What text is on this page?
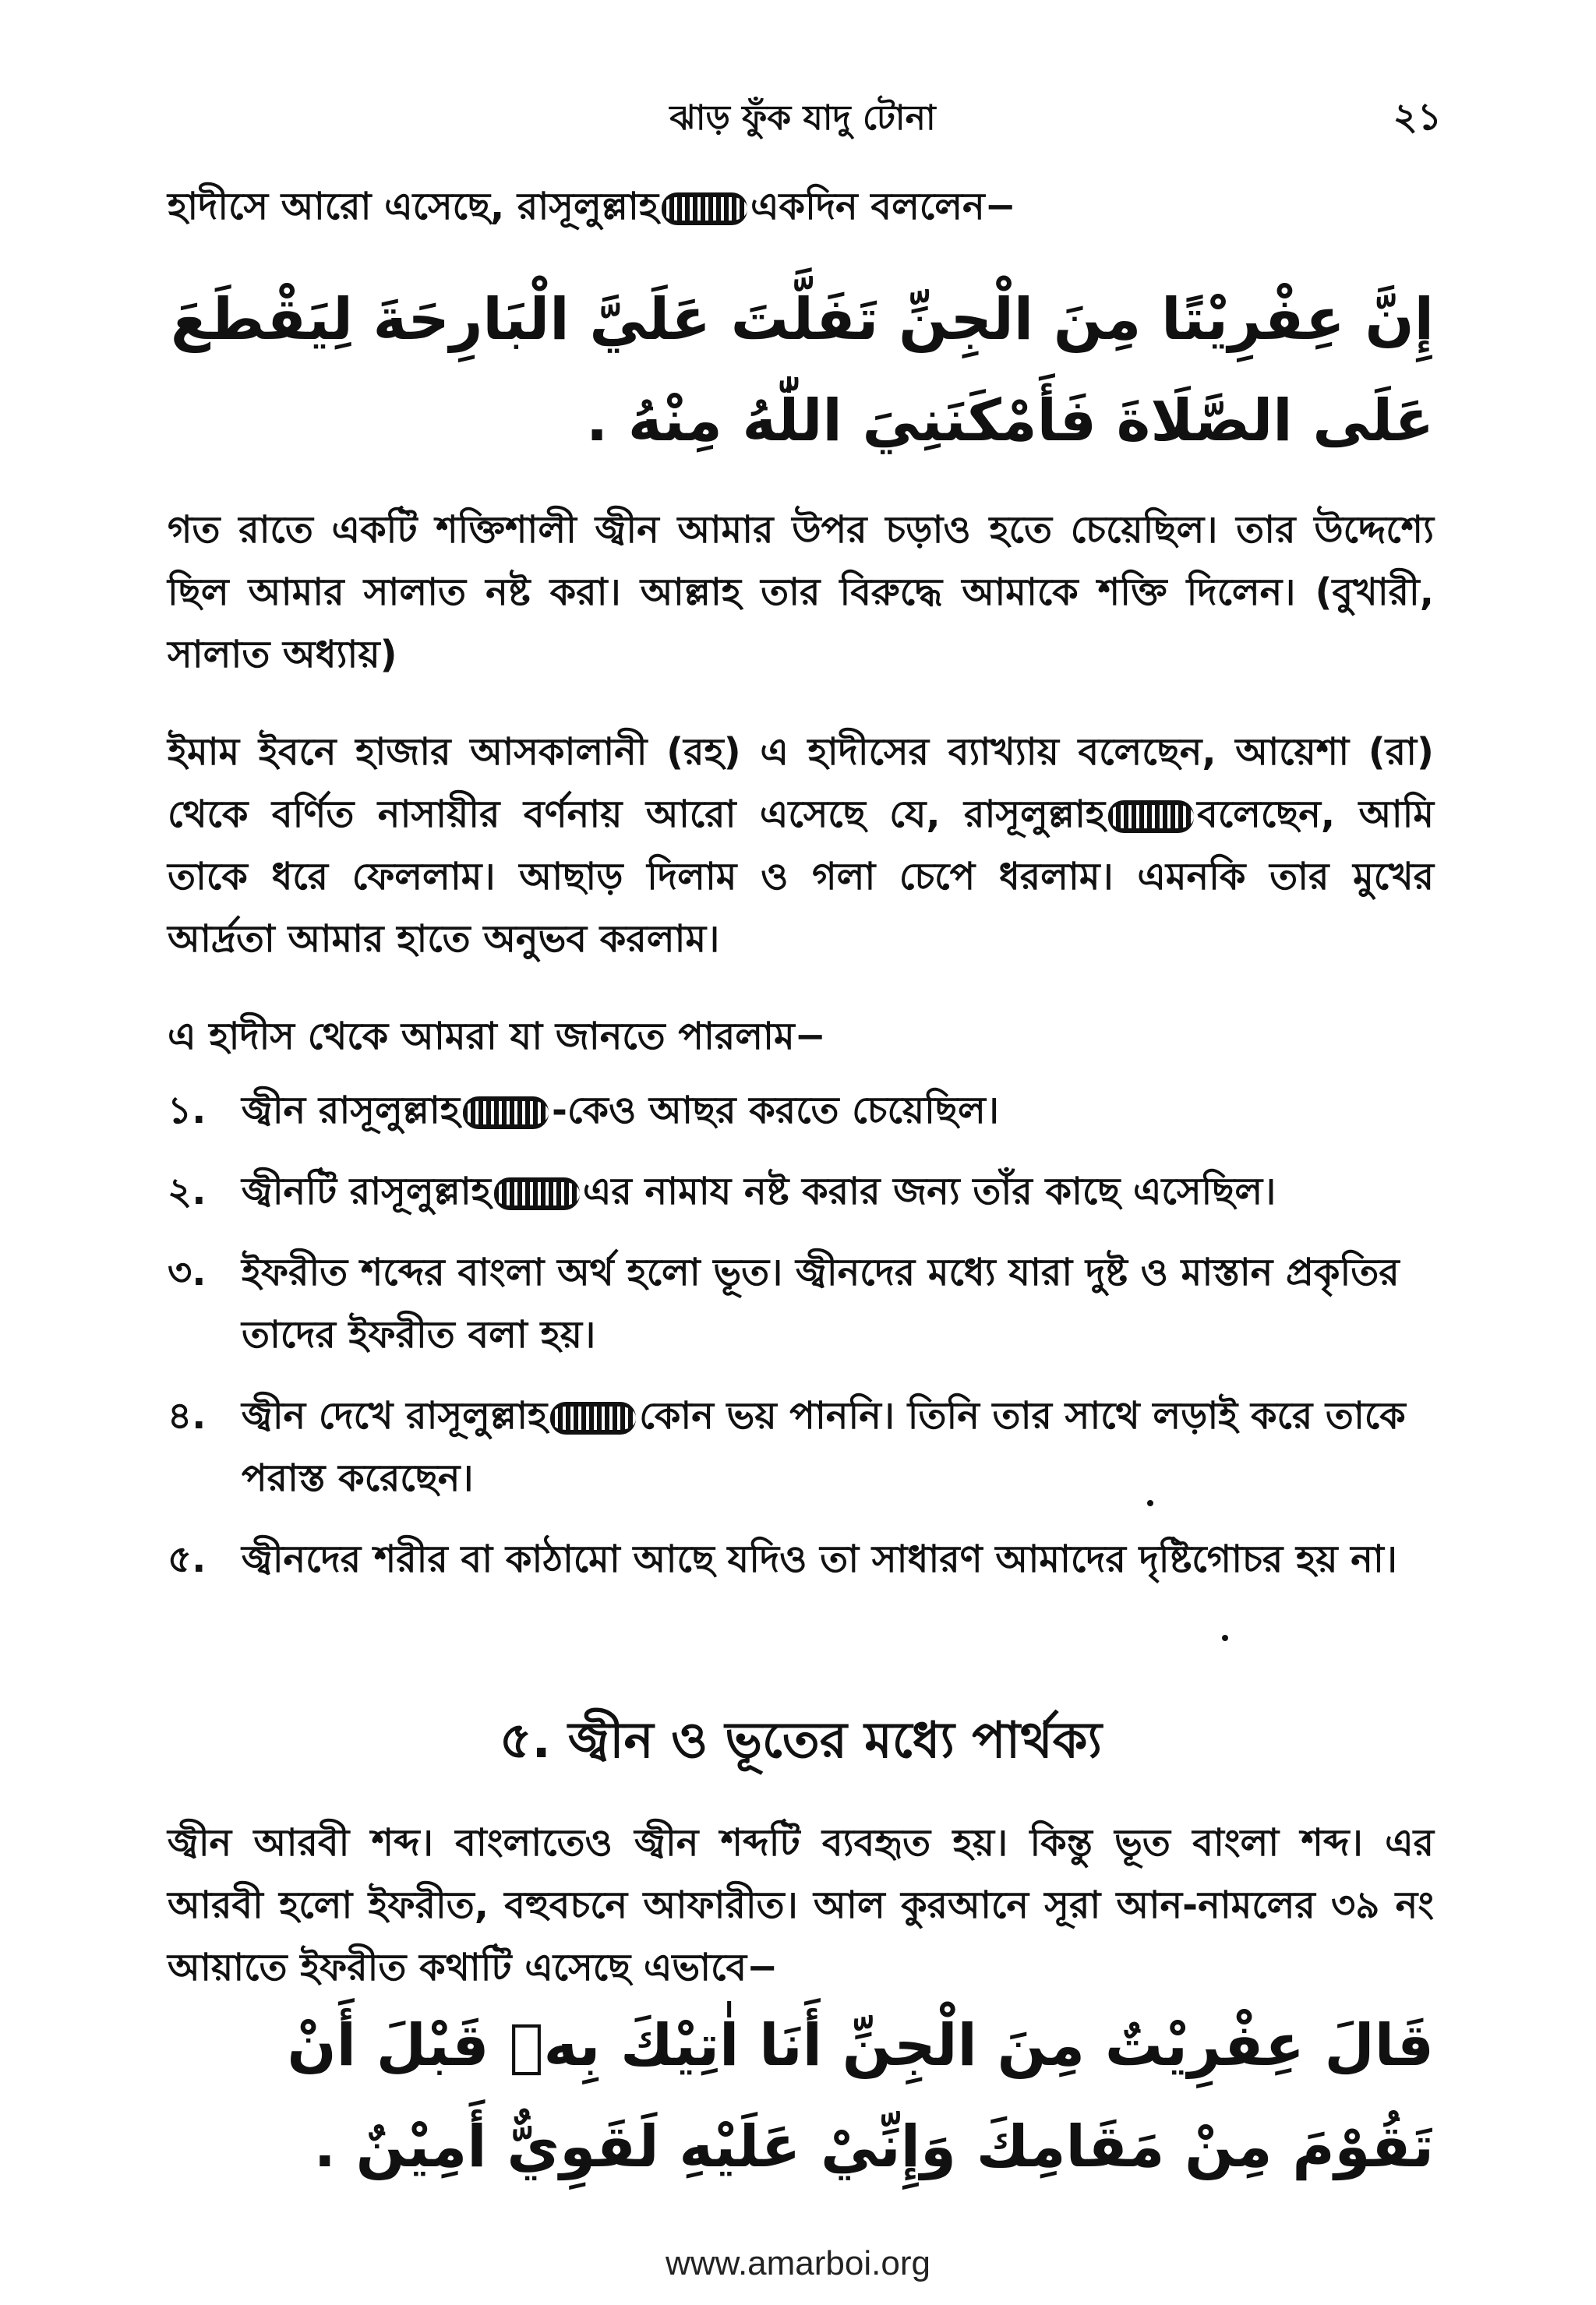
ঝাড় ফুঁক যাদু টোনা	২১
হাদীসে আরো এসেছে, রাসূলুল্লাহ একদিন বললেন−
إِنَّ عِفْرِيْتًا مِنَ الْجِنِّ تَفَلَّتَ عَلَيَّ الْبَارِحَةَ لِيَقْطَعَ عَلَى الصَّلَاةَ فَأَمْكَنَنِيَ اللّٰهُ مِنْهُ .
গত রাতে একটি শক্তিশালী জ্বীন আমার উপর চড়াও হতে চেয়েছিল। তার উদ্দেশ্যে ছিল আমার সালাত নষ্ট করা। আল্লাহ তার বিরুদ্ধে আমাকে শক্তি দিলেন। (বুখারী, সালাত অধ্যায়)
ইমাম ইবনে হাজার আসকালানী (রহ) এ হাদীসের ব্যাখ্যায় বলেছেন, আয়েশা (রা) থেকে বর্ণিত নাসায়ীর বর্ণনায় আরো এসেছে যে, রাসূলুল্লাহ বলেছেন, আমি তাকে ধরে ফেললাম। আছাড় দিলাম ও গলা চেপে ধরলাম। এমনকি তার মুখের আর্দ্রতা আমার হাতে অনুভব করলাম।
এ হাদীস থেকে আমরা যা জানতে পারলাম−
১. জ্বীন রাসূলুল্লাহ -কেও আছর করতে চেয়েছিল।
২. জ্বীনটি রাসূলুল্লাহ এর নামায নষ্ট করার জন্য তাঁর কাছে এসেছিল।
৩. ইফরীত শব্দের বাংলা অর্থ হলো ভূত। জ্বীনদের মধ্যে যারা দুষ্ট ও মাস্তান প্রকৃতির তাদের ইফরীত বলা হয়।
৪. জ্বীন দেখে রাসূলুল্লাহ কোন ভয় পাননি। তিনি তার সাথে লড়াই করে তাকে পরাস্ত করেছেন।
৫. জ্বীনদের শরীর বা কাঠামো আছে যদিও তা সাধারণ আমাদের দৃষ্টিগোচর হয় না।
৫. জ্বীন ও ভূতের মধ্যে পার্থক্য
জ্বীন আরবী শব্দ। বাংলাতেও জ্বীন শব্দটি ব্যবহৃত হয়। কিন্তু ভূত বাংলা শব্দ। এর আরবী হলো ইফরীত, বহুবচনে আফারীত। আল কুরআনে সূরা আন-নামলের ৩৯ নং আয়াতে ইফরীত কথাটি এসেছে এভাবে−
قَالَ عِفْرِيْتٌ مِنَ الْجِنِّ أَنَا اٰتِيْكَ بِهٖ قَبْلَ أَنْ تَقُوْمَ مِنْ مَقَامِكَ وَإِنِّيْ عَلَيْهِ لَقَوِيٌّ أَمِيْنٌ .
www.amarboi.org
